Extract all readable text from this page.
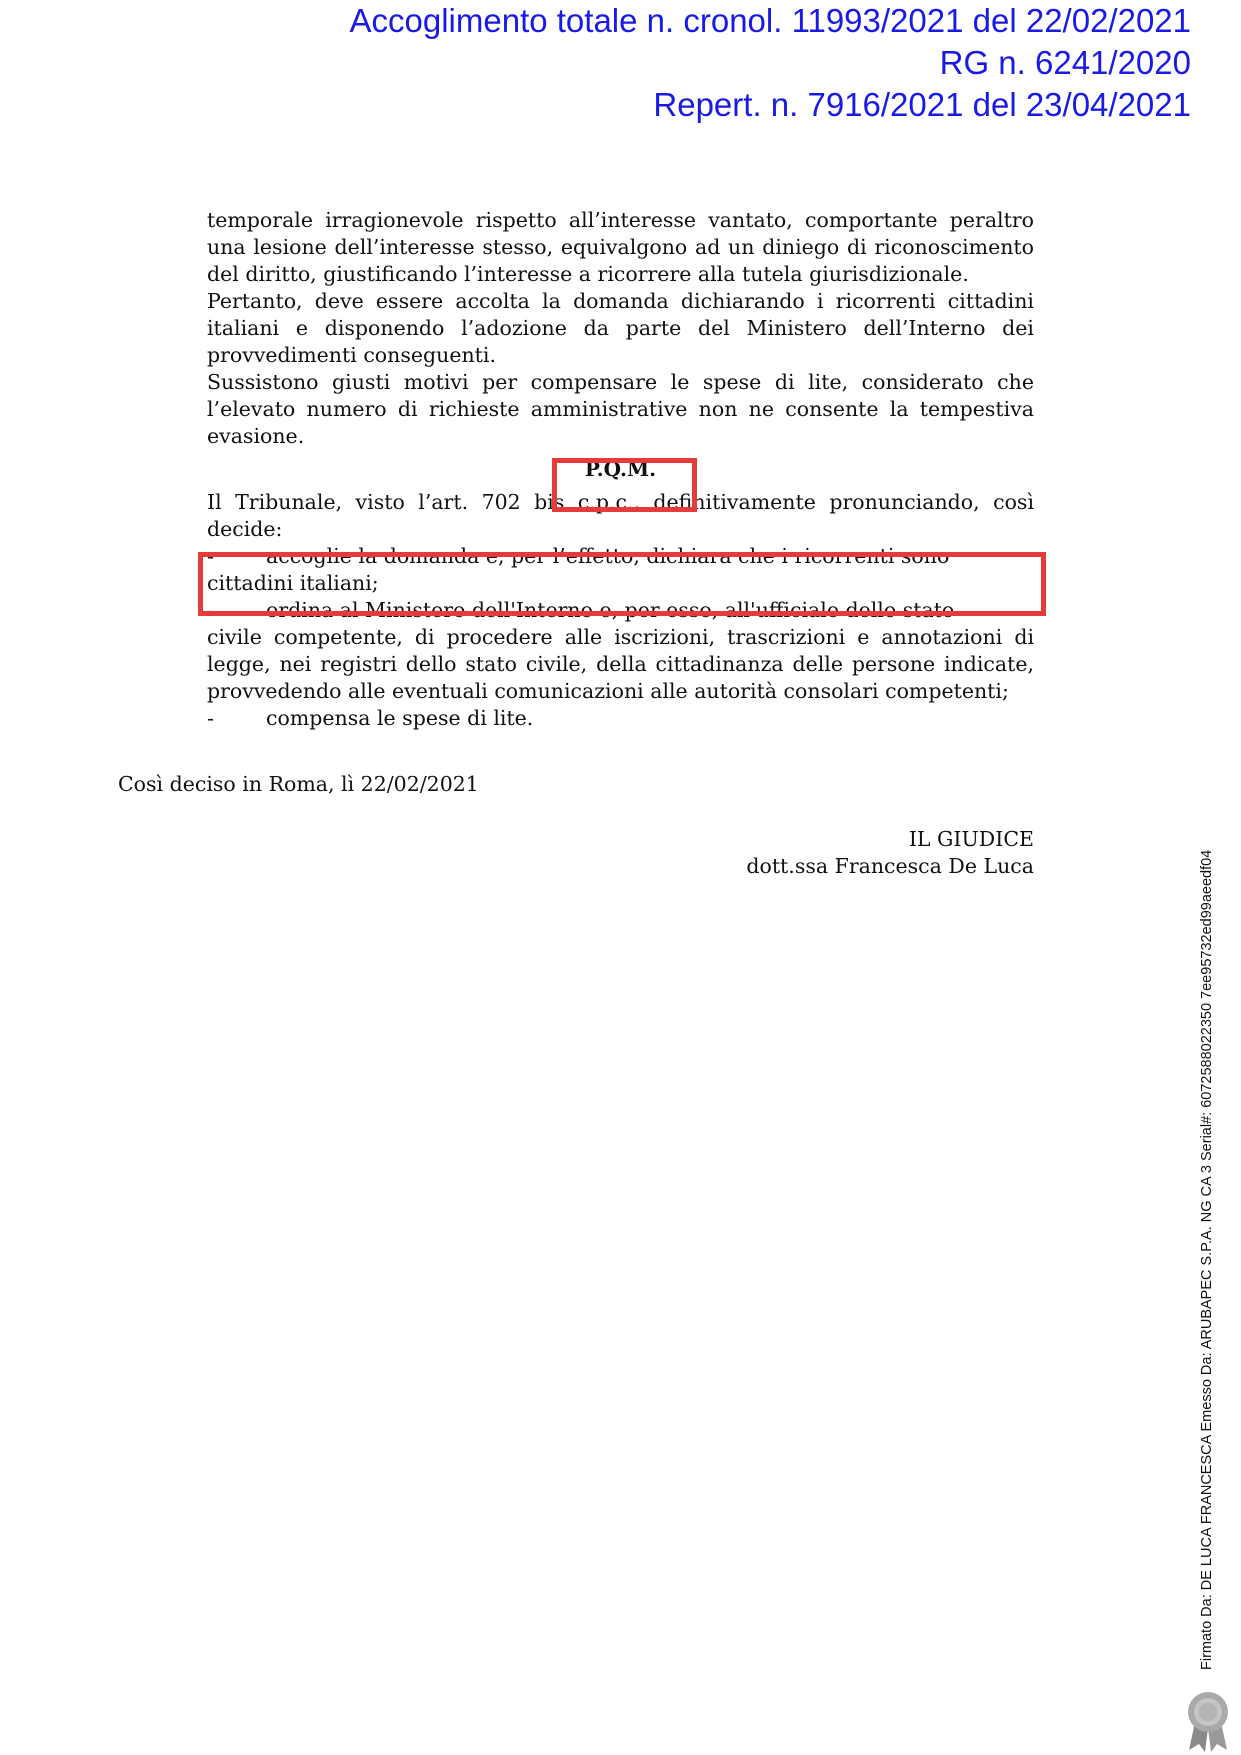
Accoglimento totale n. cronol. 11993/2021 del 22/02/2021
RG n. 6241/2020
Repert. n. 7916/2021 del 23/04/2021

temporale irragionevole rispetto all’interesse vantato, comportante peraltro una lesione dell’interesse stesso, equivalgono ad un diniego di riconoscimento del diritto, giustificando l’interesse a ricorrere alla tutela giurisdizionale.

Pertanto, deve essere accolta la domanda dichiarando i ricorrenti cittadini italiani e disponendo l’adozione da parte del Ministero dell’Interno dei provvedimenti conseguenti.

Sussistono giusti motivi per compensare le spese di lite, considerato che l’elevato numero di richieste amministrative non ne consente la tempestiva evasione.

P.Q.M.

Il Tribunale, visto l’art. 702 bis c.p.c., definitivamente pronunciando, così decide:

-	accoglie la domanda e, per l’effetto, dichiara che i ricorrenti sono

cittadini italiani;

-	ordina al Ministero dell'Interno e, per esso, all'ufficiale dello stato

civile competente, di procedere alle iscrizioni, trascrizioni e annotazioni di legge, nei registri dello stato civile, della cittadinanza delle persone indicate, provvedendo alle eventuali comunicazioni alle autorità consolari competenti;

-	compensa le spese di lite.
Così deciso in Roma, lì 22/02/2021
IL GIUDICE
dott.ssa Francesca De Luca	Firmato Da: DE LUCA FRANCESCA Emesso Da: ARUBAPEC S.P.A. NG CA 3 Serial#: 6072588022350 7ee95732ed99aeedf04
